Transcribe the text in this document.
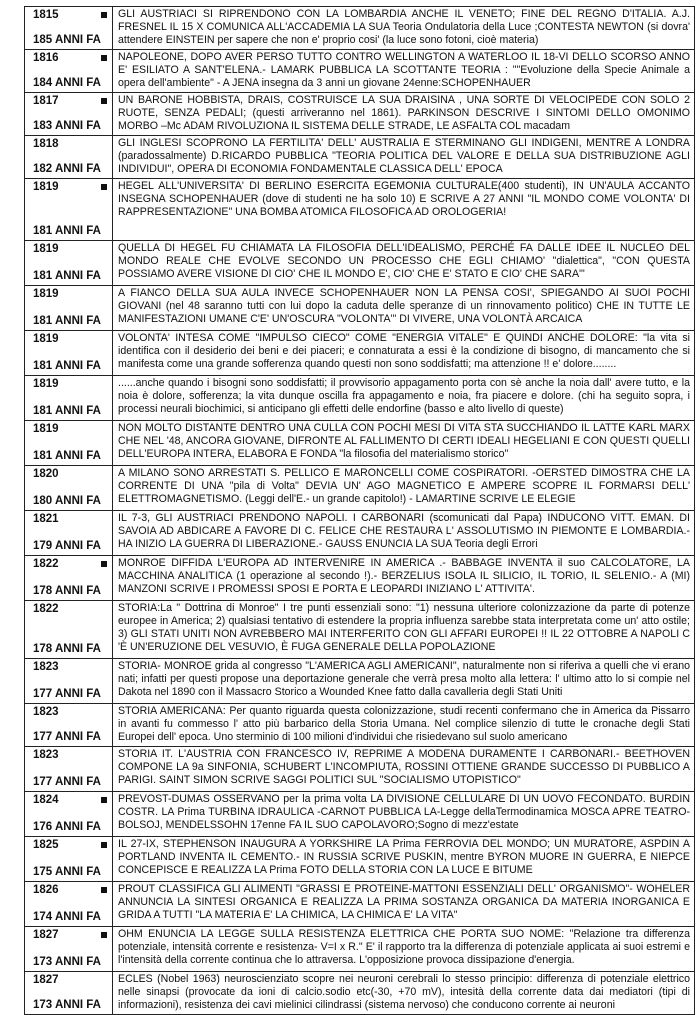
1815
185 ANNI FA
GLI AUSTRIACI SI RIPRENDONO CON LA LOMBARDIA ANCHE IL VENETO; FINE DEL REGNO D'ITALIA. A.J. FRESNEL IL 15 X COMUNICA ALL'ACCADEMIA LA SUA Teoria Ondulatoria della Luce ;CONTESTA NEWTON (si dovra' attendere EINSTEIN per sapere che non e' proprio cosi' (la luce sono fotoni, cioè materia)
1816
184 ANNI FA
NAPOLEONE, DOPO AVER PERSO TUTTO CONTRO WELLINGTON A WATERLOO IL 18-VI DELLO SCORSO ANNO E' ESILIATO A SANT'ELENA.- LAMARK PUBBLICA LA SCOTTANTE TEORIA : ""Evoluzione della Specie Animale a opera dell'ambiente" - A JENA insegna da 3 anni un giovane 24enne:SCHOPENHAUER
1817
183 ANNI FA
UN BARONE HOBBISTA, DRAIS, COSTRUISCE LA SUA DRAISINA , UNA SORTE DI VELOCIPEDE CON SOLO 2 RUOTE, SENZA PEDALI; (questi arriveranno nel 1861). PARKINSON DESCRIVE I SINTOMI DELLO OMONIMO MORBO –Mc ADAM RIVOLUZIONA IL SISTEMA DELLE STRADE, LE ASFALTA COL macadam
1818
182 ANNI FA
GLI INGLESI SCOPRONO LA FERTILITA' DELL' AUSTRALIA E STERMINANO GLI INDIGENI, MENTRE A LONDRA (paradossalmente) D.RICARDO PUBBLICA "TEORIA POLITICA DEL VALORE E DELLA SUA DISTRIBUZIONE AGLI INDIVIDUI", OPERA DI ECONOMIA FONDAMENTALE CLASSICA DELL' EPOCA
1819
181 ANNI FA
HEGEL ALL'UNIVERSITA' DI BERLINO ESERCITA EGEMONIA CULTURALE(400 studenti), IN UN'AULA ACCANTO INSEGNA SCHOPENHAUER (dove di studenti ne ha solo 10) E SCRIVE A 27 ANNI "IL MONDO COME VOLONTA' DI RAPPRESENTAZIONE" UNA BOMBA ATOMICA FILOSOFICA AD OROLOGERIA!
1819
181 ANNI FA
QUELLA DI HEGEL FU CHIAMATA LA FILOSOFIA DELL'IDEALISMO, PERCHÉ FA DALLE IDEE IL NUCLEO DEL MONDO REALE CHE EVOLVE SECONDO UN PROCESSO CHE EGLI CHIAMO' "dialettica", "CON QUESTA POSSIAMO AVERE VISIONE DI CIO' CHE IL MONDO E', CIO' CHE E' STATO E CIO' CHE SARA'"
1819
181 ANNI FA
A FIANCO DELLA SUA AULA INVECE SCHOPENHAUER NON LA PENSA COSI', SPIEGANDO AI SUOI POCHI GIOVANI (nel 48 saranno tutti con lui dopo la caduta delle speranze di un rinnovamento politico) CHE IN TUTTE LE MANIFESTAZIONI UMANE C'E' UN'OSCURA "VOLONTA'" DI VIVERE, UNA VOLONTÀ ARCAICA
1819
181 ANNI FA
VOLONTA' INTESA COME "IMPULSO CIECO" COME "ENERGIA VITALE" E QUINDI ANCHE DOLORE: "la vita si identifica con il desiderio dei beni e dei piaceri; e connaturata a essi è la condizione di bisogno, di mancamento che si manifesta come una grande sofferenza quando questi non sono soddisfatti; ma attenzione !! e' dolore........
1819
181 ANNI FA
......anche quando i bisogni sono soddisfatti; il provvisorio appagamento porta con sè anche la noia dall' avere tutto, e la noia è dolore, sofferenza; la vita dunque oscilla fra appagamento e noia, fra piacere e dolore. (chi ha seguito sopra, i processi neurali biochimici, si anticipano gli effetti delle endorfine (basso e alto livello di queste)
1819
181 ANNI FA
NON MOLTO DISTANTE DENTRO UNA CULLA CON POCHI MESI DI VITA STA SUCCHIANDO IL LATTE KARL MARX CHE NEL '48, ANCORA GIOVANE, DIFRONTE AL FALLIMENTO DI CERTI IDEALI HEGELIANI E CON QUESTI QUELLI DELL'EUROPA INTERA, ELABORA E FONDA "la filosofia del materialismo storico"
1820
180 ANNI FA
A MILANO SONO ARRESTATI S. PELLICO E MARONCELLI COME COSPIRATORI. -OERSTED DIMOSTRA CHE LA CORRENTE DI UNA "pila di Volta" DEVIA UN' AGO MAGNETICO E AMPERE SCOPRE IL FORMARSI DELL' ELETTROMAGNETISMO. (Leggi dell'E.- un grande capitolo!) - LAMARTINE SCRIVE LE ELEGIE
1821
179 ANNI FA
IL 7-3, GLI AUSTRIACI PRENDONO NAPOLI. I CARBONARI (scomunicati dal Papa) INDUCONO VITT. EMAN. DI SAVOIA AD ABDICARE A FAVORE DI C. FELICE CHE RESTAURA L' ASSOLUTISMO IN PIEMONTE E LOMBARDIA.- HA INIZIO LA GUERRA DI LIBERAZIONE.- GAUSS ENUNCIA LA SUA Teoria degli Errori
1822
178 ANNI FA
MONROE DIFFIDA L'EUROPA AD INTERVENIRE IN AMERICA .- BABBAGE INVENTA il suo CALCOLATORE, LA MACCHINA ANALITICA (1 operazione al secondo !).- BERZELIUS ISOLA IL SILICIO, IL TORIO, IL SELENIO.- A (MI) MANZONI SCRIVE I PROMESSI SPOSI E PORTA E LEOPARDI INIZIANO L' ATTIVITA'.
1822
178 ANNI FA
STORIA:La " Dottrina di Monroe" I tre punti essenziali sono: "1) nessuna ulteriore colonizzazione da parte di potenze europee in America; 2) qualsiasi tentativo di estendere la propria influenza sarebbe stata interpretata come un' atto ostile; 3) GLI STATI UNITI NON AVREBBERO MAI INTERFERITO CON GLI AFFARI EUROPEI !! IL 22 OTTOBRE A NAPOLI C 'È UN'ERUZIONE DEL VESUVIO, È FUGA GENERALE DELLA POPOLAZIONE
1823
177 ANNI FA
STORIA- MONROE grida al congresso "L'AMERICA AGLI AMERICANI", naturalmente non si riferiva a quelli che vi erano nati; infatti per questi propose una deportazione generale che verrà presa molto alla lettera: l' ultimo atto lo si compie nel Dakota nel 1890 con il Massacro Storico a Wounded Knee fatto dalla cavalleria degli Stati Uniti
1823
177 ANNI FA
STORIA AMERICANA: Per quanto riguarda questa colonizzazione, studi recenti confermano che in America da Pissarro in avanti fu commesso l' atto più barbarico della Storia Umana. Nel complice silenzio di tutte le cronache degli Stati Europei dell' epoca. Uno sterminio di 100 milioni d'individui che risiedevano sul suolo americano
1823
177 ANNI FA
STORIA IT. L'AUSTRIA CON FRANCESCO IV, REPRIME A MODENA DURAMENTE I CARBONARI.- BEETHOVEN COMPONE LA 9a SINFONIA, SCHUBERT L'INCOMPIUTA, ROSSINI OTTIENE GRANDE SUCCESSO DI PUBBLICO A PARIGI. SAINT SIMON SCRIVE SAGGI POLITICI SUL "SOCIALISMO UTOPISTICO"
1824
176 ANNI FA
PREVOST-DUMAS OSSERVANO per la prima volta LA DIVISIONE CELLULARE DI UN UOVO FECONDATO. BURDIN COSTR. LA Prima TURBINA IDRAULICA -CARNOT PUBBLICA LA-Legge dellaTermodinamica MOSCA APRE TEATRO-BOLSOJ, MENDELSSOHN 17enne FA IL SUO CAPOLAVORO;Sogno di mezz'estate
1825
175 ANNI FA
IL 27-IX, STEPHENSON INAUGURA A YORKSHIRE LA Prima FERROVIA DEL MONDO; UN MURATORE, ASPDIN A PORTLAND INVENTA IL CEMENTO.- IN RUSSIA SCRIVE PUSKIN, mentre BYRON MUORE IN GUERRA, E NIEPCE CONCEPISCE E REALIZZA LA Prima FOTO DELLA STORIA CON LA LUCE E BITUME
1826
174 ANNI FA
PROUT CLASSIFICA GLI ALIMENTI "GRASSI E PROTEINE-MATTONI ESSENZIALI DELL' ORGANISMO"- WOHELER ANNUNCIA LA SINTESI ORGANICA E REALIZZA LA PRIMA SOSTANZA ORGANICA DA MATERIA INORGANICA E GRIDA A TUTTI "LA MATERIA E' LA CHIMICA, LA CHIMICA E' LA VITA"
1827
173 ANNI FA
OHM ENUNCIA LA LEGGE SULLA RESISTENZA ELETTRICA CHE PORTA SUO NOME: "Relazione tra differenza potenziale, intensità corrente e resistenza- V=I x R." E' il rapporto tra la differenza di potenziale applicata ai suoi estremi e l'intensità della corrente continua che lo attraversa. L'opposizione provoca dissipazione d'energia.
1827
173 ANNI FA
ECLES (Nobel 1963) neuroscienziato scopre nei neuroni cerebrali lo stesso principio: differenza di potenziale elettrico nelle sinapsi (provocate da ioni di calcio.sodio etc(-30, +70 mV), intesità della corrente data dai mediatori (tipi di informazioni), resistenza dei cavi mielinici cilindrassi (sistema nervoso) che conducono corrente ai neuroni
